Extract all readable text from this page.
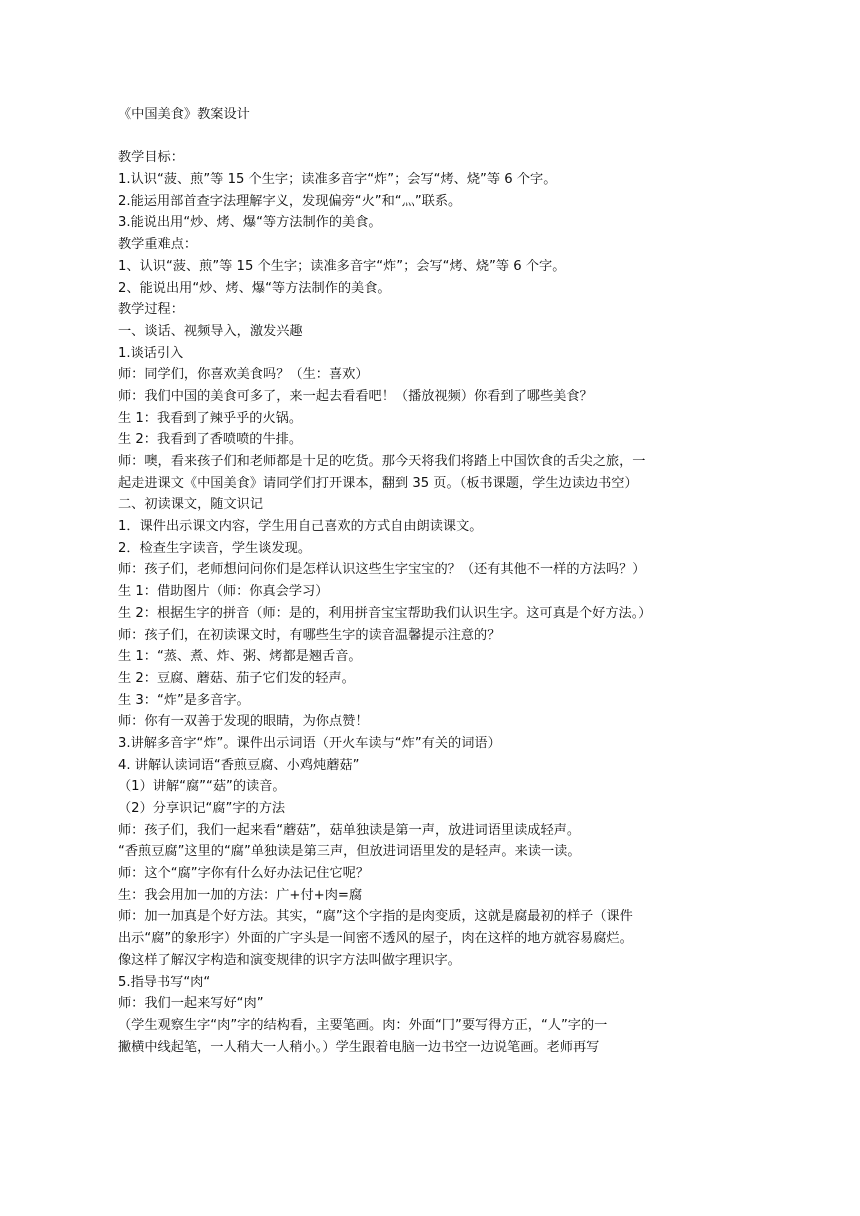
《中国美食》教案设计
教学目标：
1.认识“菠、煎”等 15 个生字；读准多音字“炸”；会写“烤、烧”等 6 个字。
2.能运用部首查字法理解字义，发现偏旁“火”和“灬”联系。
3.能说出用“炒、烤、爆“等方法制作的美食。
教学重难点：
1、认识“菠、煎”等 15 个生字；读准多音字“炸”；会写“烤、烧”等 6 个字。
2、能说出用“炒、烤、爆“等方法制作的美食。
教学过程：
一、谈话、视频导入，激发兴趣
1.谈话引入
师：同学们，你喜欢美食吗？（生：喜欢）
师：我们中国的美食可多了，来一起去看看吧！（播放视频）你看到了哪些美食？
生 1：我看到了辣乎乎的火锅。
生 2：我看到了香喷喷的牛排。
师：噢，看来孩子们和老师都是十足的吃货。那今天将我们将踏上中国饮食的舌尖之旅，一
起走进课文《中国美食》请同学们打开课本，翻到 35 页。（板书课题，学生边读边书空）
二、初读课文，随文识记
1．课件出示课文内容，学生用自己喜欢的方式自由朗读课文。
2．检查生字读音，学生谈发现。
师：孩子们，老师想问问你们是怎样认识这些生字宝宝的？（还有其他不一样的方法吗？）
生 1：借助图片（师：你真会学习）
生 2：根据生字的拼音（师：是的，利用拼音宝宝帮助我们认识生字。这可真是个好方法。）
师：孩子们，在初读课文时，有哪些生字的读音温馨提示注意的？
生 1：“蒸、煮、炸、粥、烤都是翘舌音。
生 2：豆腐、蘑菇、茄子它们发的轻声。
生 3：“炸”是多音字。
师：你有一双善于发现的眼睛，为你点赞！
3.讲解多音字“炸”。课件出示词语（开火车读与“炸”有关的词语）
4. 讲解认读词语“香煎豆腐、小鸡炖蘑菇”
（1）讲解“腐”“菇”的读音。
（2）分享识记“腐”字的方法
师：孩子们，我们一起来看“蘑菇”，菇单独读是第一声，放进词语里读成轻声。
“香煎豆腐”这里的“腐”单独读是第三声，但放进词语里发的是轻声。来读一读。
师：这个“腐”字你有什么好办法记住它呢？
生：我会用加一加的方法：广+付+肉=腐
师：加一加真是个好方法。其实，“腐”这个字指的是肉变质，这就是腐最初的样子（课件
出示“腐”的象形字）外面的广字头是一间密不透风的屋子，肉在这样的地方就容易腐烂。
像这样了解汉字构造和演变规律的识字方法叫做字理识字。
5.指导书写“肉“
师：我们一起来写好“肉”
（学生观察生字“肉”字的结构看，主要笔画。肉：外面“冂”要写得方正，“人”字的一
撇横中线起笔，一人稍大一人稍小。）学生跟着电脑一边书空一边说笔画。老师再写
